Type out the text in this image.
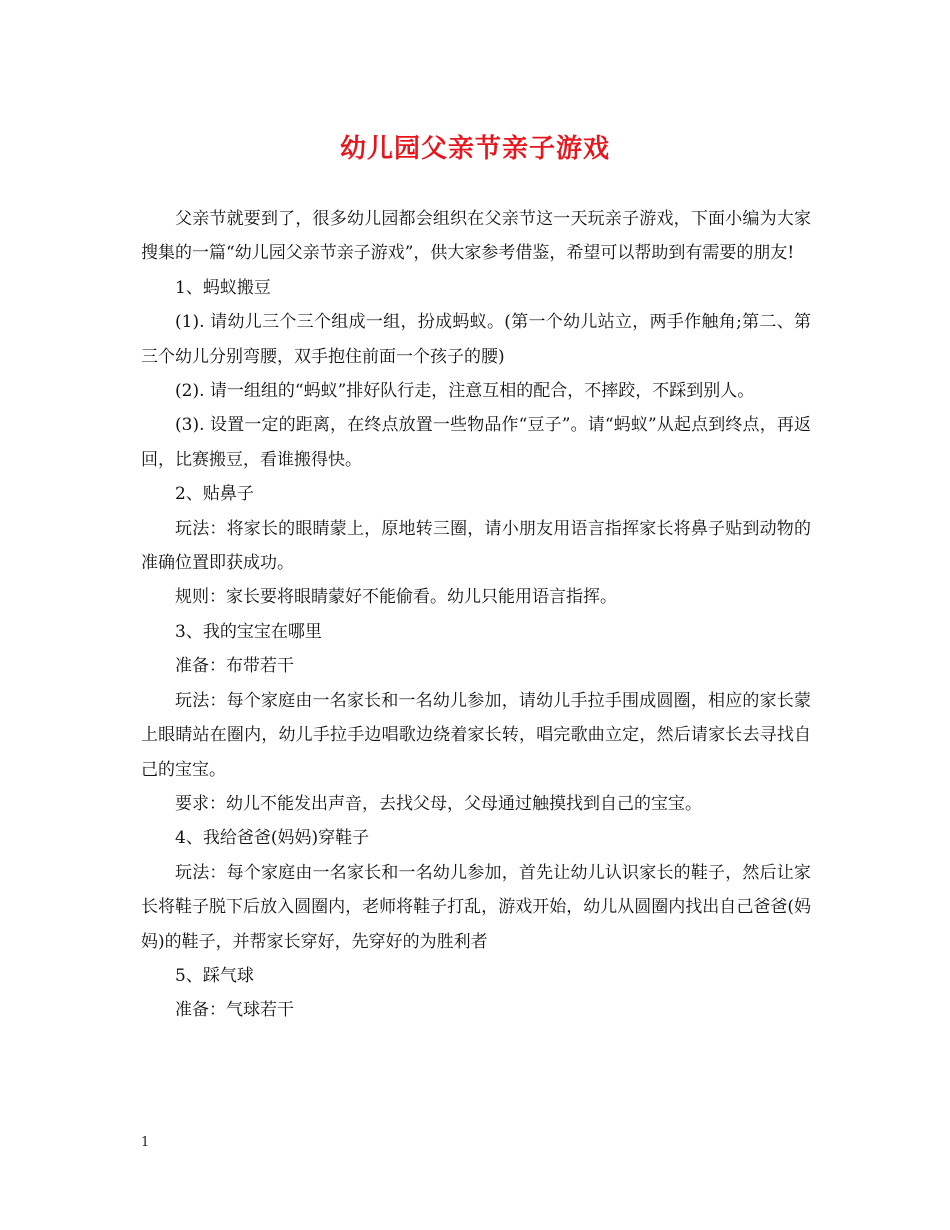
幼儿园父亲节亲子游戏

父亲节就要到了，很多幼儿园都会组织在父亲节这一天玩亲子游戏，下面小编为大家搜集的一篇“幼儿园父亲节亲子游戏”，供大家参考借鉴，希望可以帮助到有需要的朋友!

1、蚂蚁搬豆

(1). 请幼儿三个三个组成一组，扮成蚂蚁。(第一个幼儿站立，两手作触角;第二、第三个幼儿分别弯腰，双手抱住前面一个孩子的腰)

(2). 请一组组的“蚂蚁”排好队行走，注意互相的配合，不摔跤，不踩到别人。

(3). 设置一定的距离，在终点放置一些物品作“豆子”。请“蚂蚁”从起点到终点，再返回，比赛搬豆，看谁搬得快。

2、贴鼻子

玩法：将家长的眼睛蒙上，原地转三圈，请小朋友用语言指挥家长将鼻子贴到动物的准确位置即获成功。

规则：家长要将眼睛蒙好不能偷看。幼儿只能用语言指挥。

3、我的宝宝在哪里

准备：布带若干

玩法：每个家庭由一名家长和一名幼儿参加，请幼儿手拉手围成圆圈，相应的家长蒙上眼睛站在圈内，幼儿手拉手边唱歌边绕着家长转，唱完歌曲立定，然后请家长去寻找自己的宝宝。

要求：幼儿不能发出声音，去找父母，父母通过触摸找到自己的宝宝。

4、我给爸爸(妈妈)穿鞋子

玩法：每个家庭由一名家长和一名幼儿参加，首先让幼儿认识家长的鞋子，然后让家长将鞋子脱下后放入圆圈内，老师将鞋子打乱，游戏开始，幼儿从圆圈内找出自己爸爸(妈妈)的鞋子，并帮家长穿好，先穿好的为胜利者

5、踩气球

准备：气球若干

1
